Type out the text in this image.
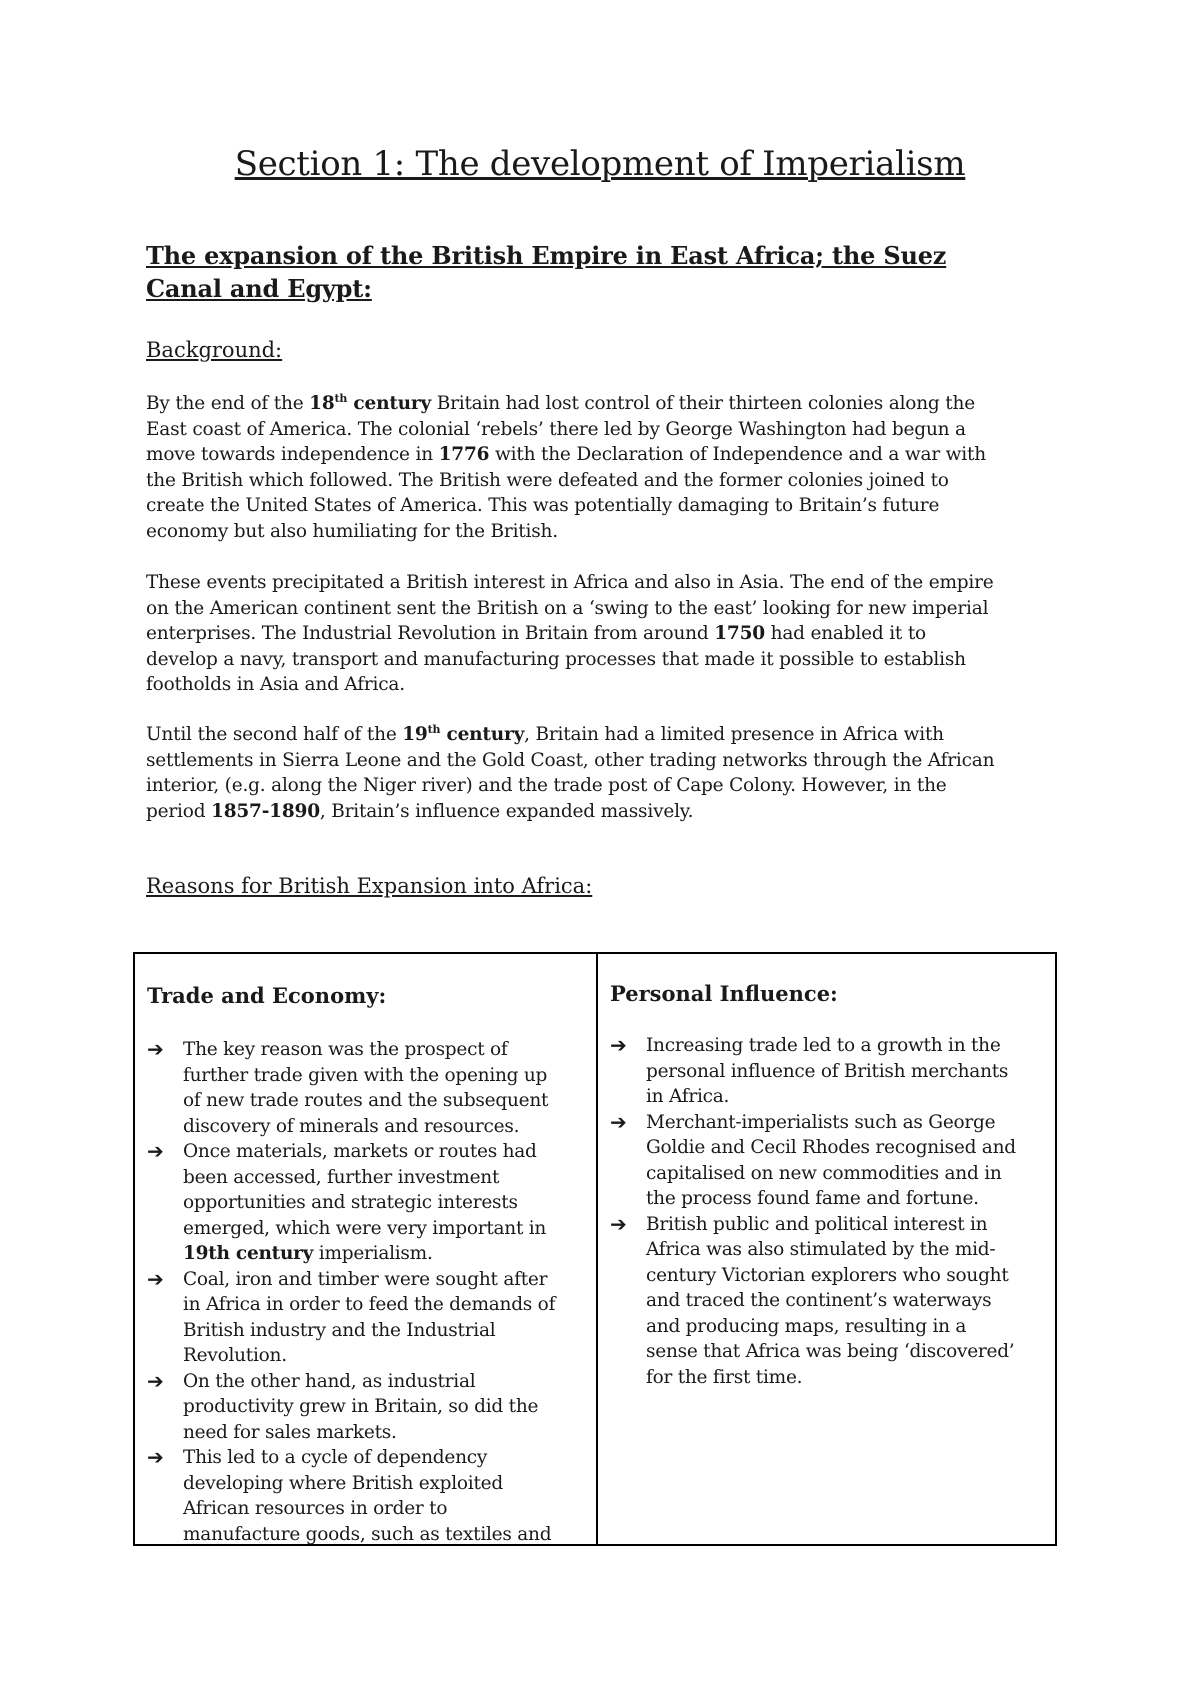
Section 1: The development of Imperialism
The expansion of the British Empire in East Africa; the Suez
Canal and Egypt:
Background:
By the end of the 18th century Britain had lost control of their thirteen colonies along the
East coast of America. The colonial ‘rebels’ there led by George Washington had begun a
move towards independence in 1776 with the Declaration of Independence and a war with
the British which followed. The British were defeated and the former colonies joined to
create the United States of America. This was potentially damaging to Britain’s future
economy but also humiliating for the British.
These events precipitated a British interest in Africa and also in Asia. The end of the empire
on the American continent sent the British on a ‘swing to the east’ looking for new imperial
enterprises. The Industrial Revolution in Britain from around 1750 had enabled it to
develop a navy, transport and manufacturing processes that made it possible to establish
footholds in Asia and Africa.
Until the second half of the 19th century, Britain had a limited presence in Africa with
settlements in Sierra Leone and the Gold Coast, other trading networks through the African
interior, (e.g. along the Niger river) and the trade post of Cape Colony. However, in the
period 1857-1890, Britain’s influence expanded massively.
Reasons for British Expansion into Africa:
Trade and Economy:
➔ The key reason was the prospect of
further trade given with the opening up
of new trade routes and the subsequent
discovery of minerals and resources.
➔ Once materials, markets or routes had
been accessed, further investment
opportunities and strategic interests
emerged, which were very important in
19th century imperialism.
➔ Coal, iron and timber were sought after
in Africa in order to feed the demands of
British industry and the Industrial
Revolution.
➔ On the other hand, as industrial
productivity grew in Britain, so did the
need for sales markets.
➔ This led to a cycle of dependency
developing where British exploited
African resources in order to
manufacture goods, such as textiles and
Personal Influence:
➔ Increasing trade led to a growth in the
personal influence of British merchants
in Africa.
➔ Merchant-imperialists such as George
Goldie and Cecil Rhodes recognised and
capitalised on new commodities and in
the process found fame and fortune.
➔ British public and political interest in
Africa was also stimulated by the mid-
century Victorian explorers who sought
and traced the continent’s waterways
and producing maps, resulting in a
sense that Africa was being ‘discovered’
for the first time.
